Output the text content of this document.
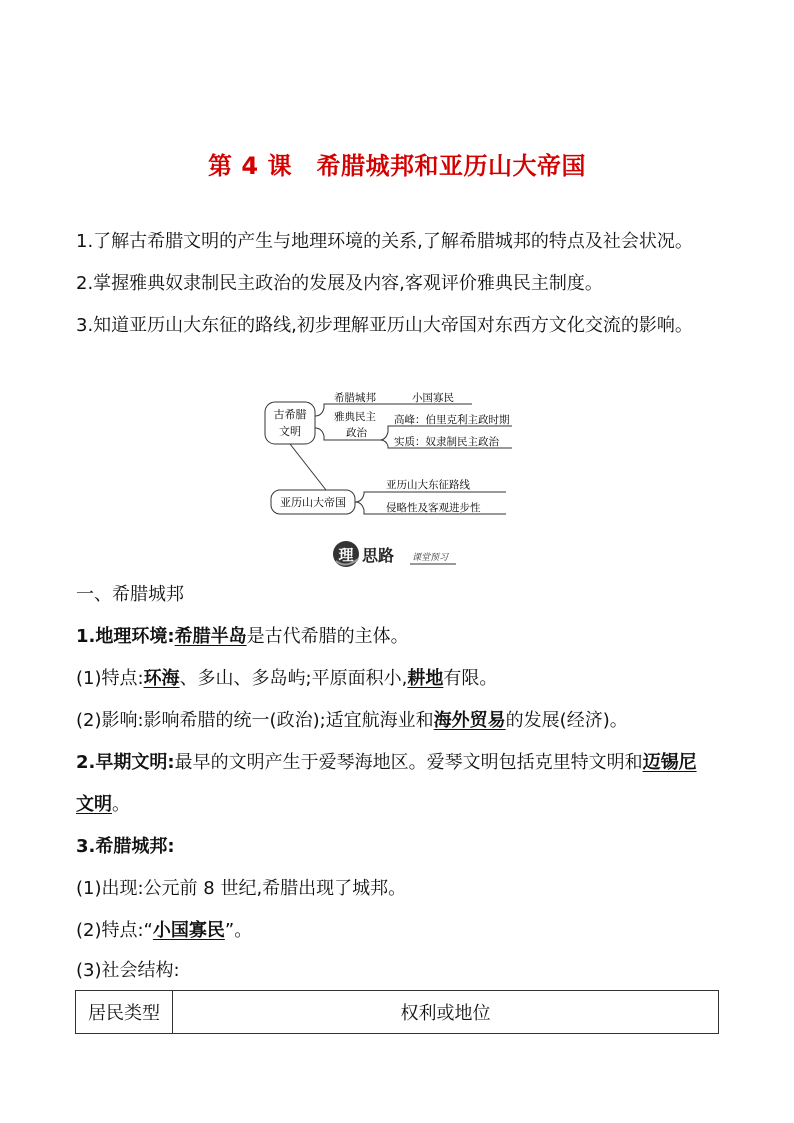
第 4 课　希腊城邦和亚历山大帝国
1.了解古希腊文明的产生与地理环境的关系,了解希腊城邦的特点及社会状况。
2.掌握雅典奴隶制民主政治的发展及内容,客观评价雅典民主制度。
3.知道亚历山大东征的路线,初步理解亚历山大帝国对东西方文化交流的影响。
古希腊
文明
希腊城邦	小国寡民
雅典民主
政治
高峰：伯里克利主政时期
实质：奴隶制民主政治
亚历山大帝国
亚历山大东征路线
侵略性及客观进步性
理 思路 课堂预习
一、希腊城邦
1.地理环境:希腊半岛是古代希腊的主体。
(1)特点:环海、多山、多岛屿;平原面积小,耕地有限。
(2)影响:影响希腊的统一(政治);适宜航海业和海外贸易的发展(经济)。
2.早期文明:最早的文明产生于爱琴海地区。爱琴文明包括克里特文明和迈锡尼
文明。
3.希腊城邦:
(1)出现:公元前 8 世纪,希腊出现了城邦。
(2)特点:“小国寡民”。
(3)社会结构:
居民类型	权利或地位
